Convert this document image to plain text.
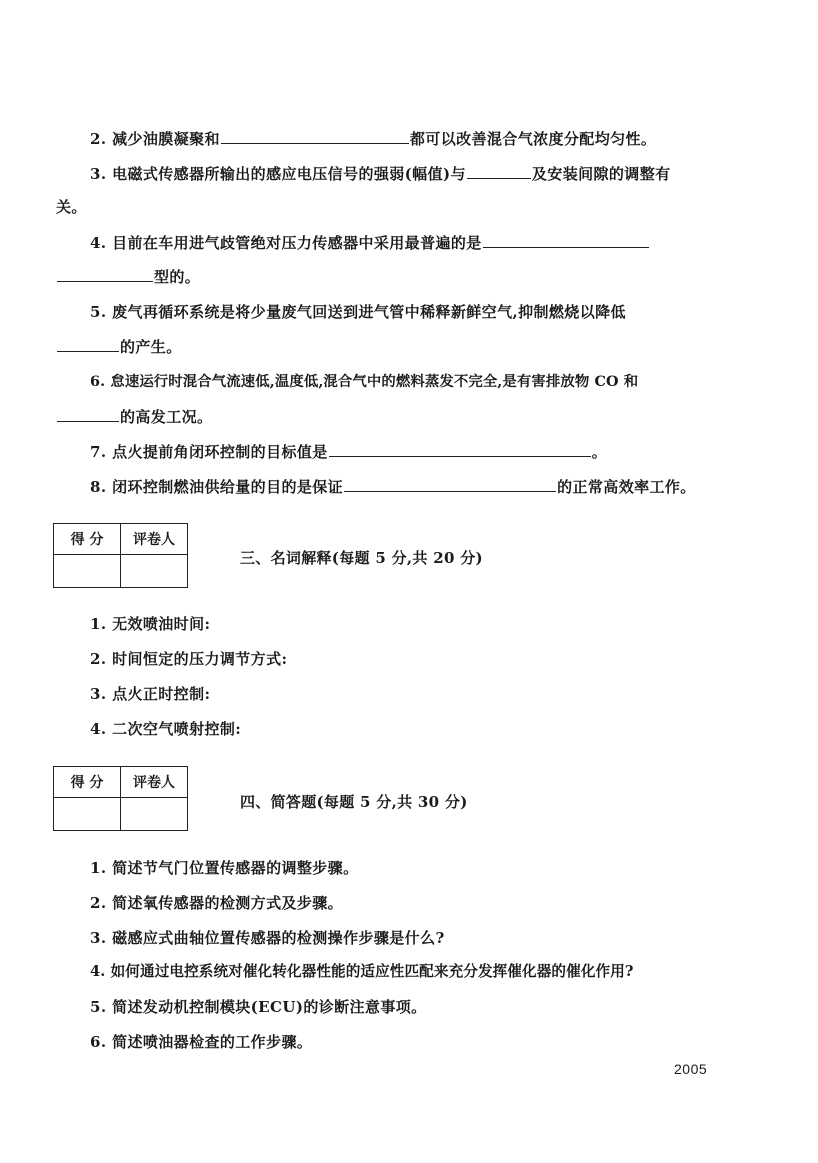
2. 减少油膜凝聚和	都可以改善混合气浓度分配均匀性。
3. 电磁式传感器所输出的感应电压信号的强弱(幅值)与	及安装间隙的调整有
关。
4. 目前在车用进气歧管绝对压力传感器中采用最普遍的是
型的。
5. 废气再循环系统是将少量废气回送到进气管中稀释新鲜空气,抑制燃烧以降低
的产生。
6. 怠速运行时混合气流速低,温度低,混合气中的燃料蒸发不完全,是有害排放物 CO 和
的高发工况。
7. 点火提前角闭环控制的目标值是	。
8. 闭环控制燃油供给量的目的是保证	的正常高效率工作。
得 分	评卷人

三、名词解释(每题 5 分,共 20 分)
1. 无效喷油时间:
2. 时间恒定的压力调节方式:
3. 点火正时控制:
4. 二次空气喷射控制:
得 分	评卷人

四、简答题(每题 5 分,共 30 分)
1. 简述节气门位置传感器的调整步骤。
2. 简述氧传感器的检测方式及步骤。
3. 磁感应式曲轴位置传感器的检测操作步骤是什么?
4. 如何通过电控系统对催化转化器性能的适应性匹配来充分发挥催化器的催化作用?
5. 简述发动机控制模块(ECU)的诊断注意事项。
6. 简述喷油器检查的工作步骤。
2005
